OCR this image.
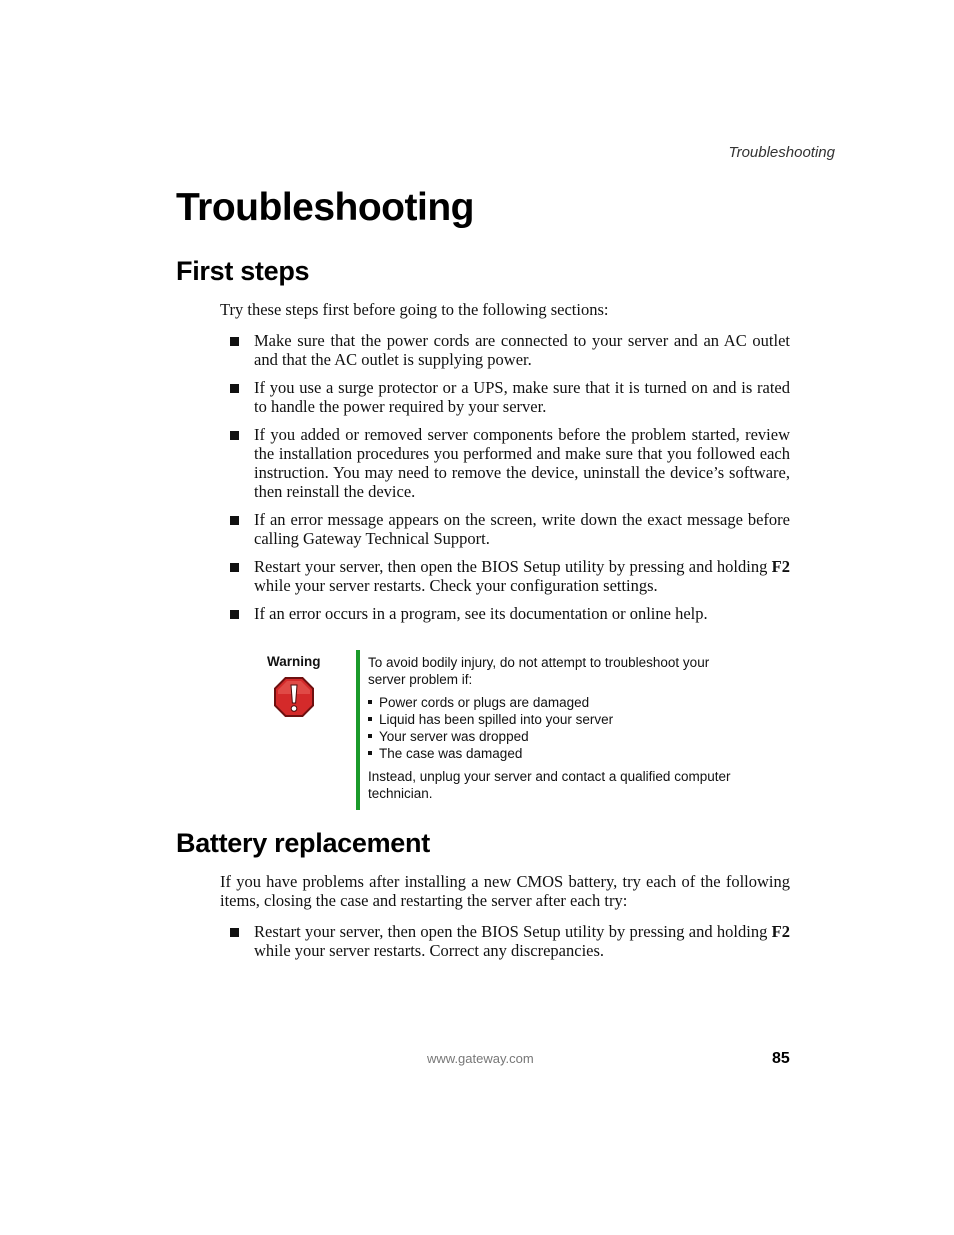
Troubleshooting
Troubleshooting
First steps

Try these steps first before going to the following sections:

Make sure that the power cords are connected to your server and an AC outlet and that the AC outlet is supplying power.
If you use a surge protector or a UPS, make sure that it is turned on and is rated to handle the power required by your server.
If you added or removed server components before the problem started, review the installation procedures you performed and make sure that you followed each instruction. You may need to remove the device, uninstall the device’s software, then reinstall the device.
If an error message appears on the screen, write down the exact message before calling Gateway Technical Support.
Restart your server, then open the BIOS Setup utility by pressing and holding F2 while your server restarts. Check your configuration settings.
If an error occurs in a program, see its documentation or online help.
Warning	To avoid bodily injury, do not attempt to troubleshoot your server problem if:

Power cords or plugs are damaged
Liquid has been spilled into your server
Your server was dropped
The case was damaged

Instead, unplug your server and contact a qualified computer technician.

Battery replacement

If you have problems after installing a new CMOS battery, try each of the following items, closing the case and restarting the server after each try:

Restart your server, then open the BIOS Setup utility by pressing and holding F2 while your server restarts. Correct any discrepancies.
www.gateway.com	85
